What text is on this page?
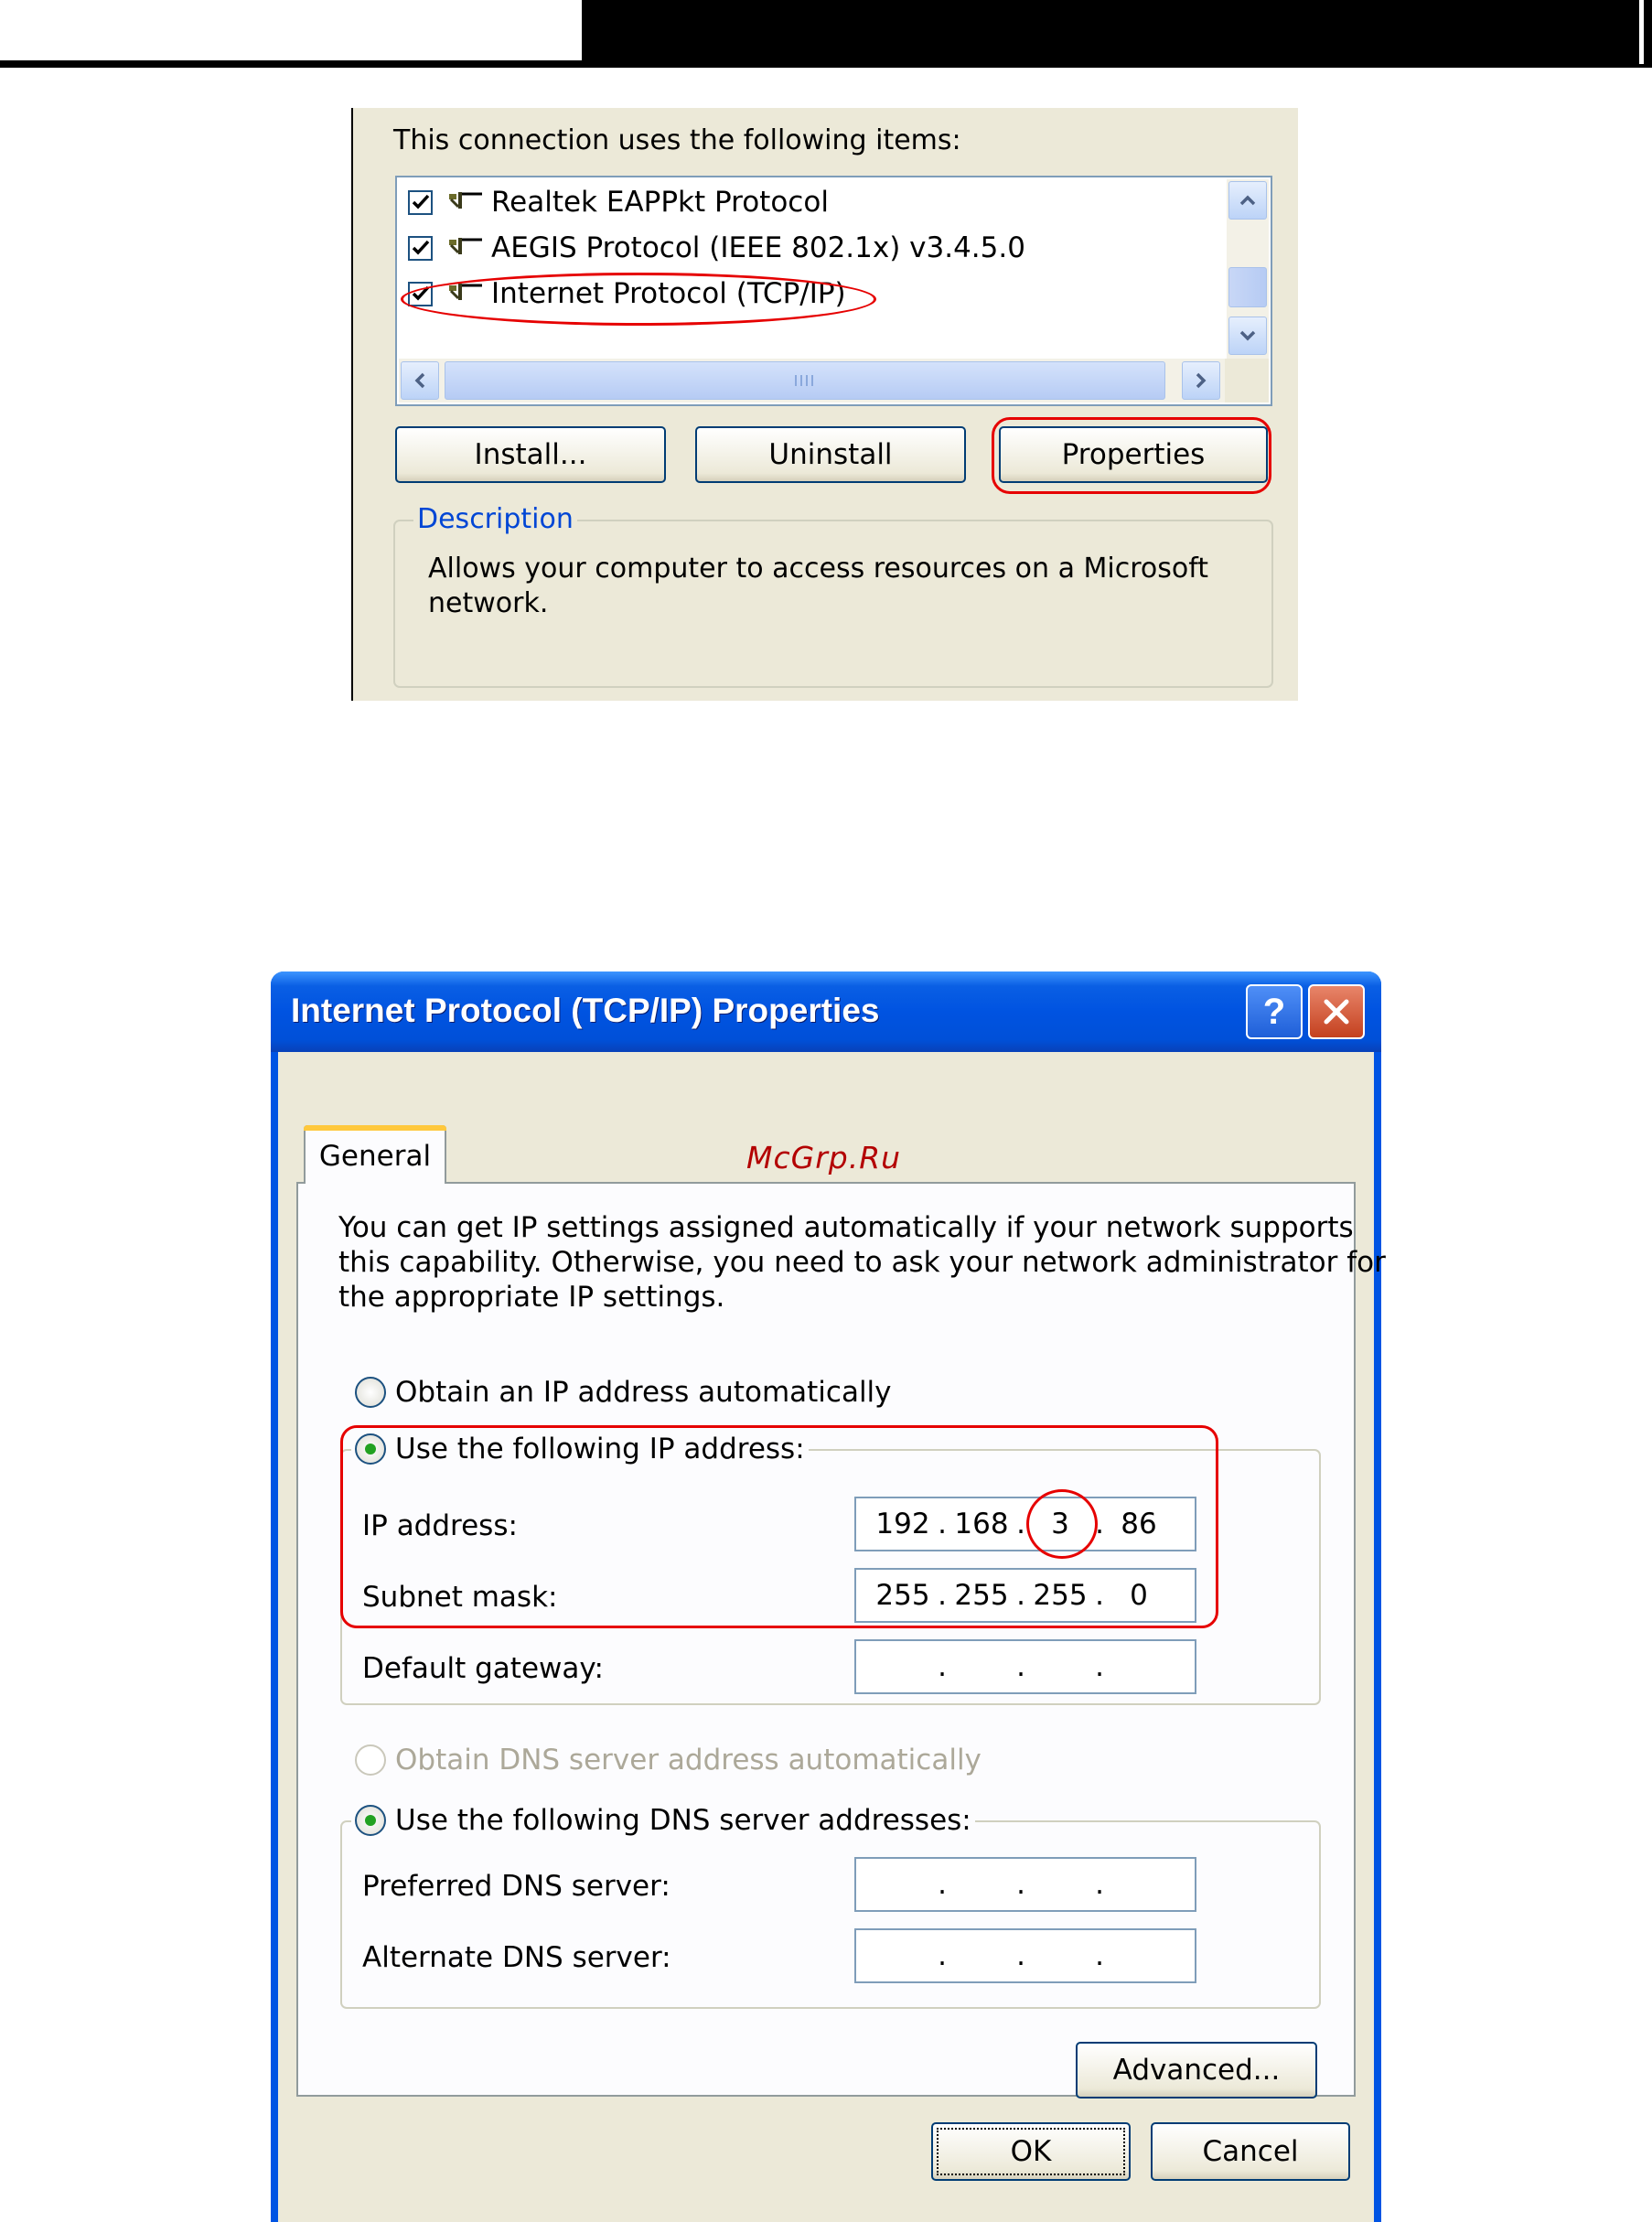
This connection uses the following items:
Realtek EAPPkt Protocol
AEGIS Protocol (IEEE 802.1x) v3.4.5.0
Internet Protocol (TCP/IP)
Install...	Uninstall	Properties
Description
Allows your computer to access resources on a Microsoft
network.
Internet Protocol (TCP/IP) Properties	?
You can get IP settings assigned automatically if your network supports
this capability. Otherwise, you need to ask your network administrator for
the appropriate IP settings.
Obtain an IP address automatically
Use the following IP address:
IP address:	192 . 168 . 3 . 86
Subnet mask:	255 . 255 . 255 . 0
Default gateway:	. . .
Obtain DNS server address automatically
Use the following DNS server addresses:
Preferred DNS server:	. . .
Alternate DNS server:	. . .
Advanced...
General	McGrp.Ru
OK	Cancel
